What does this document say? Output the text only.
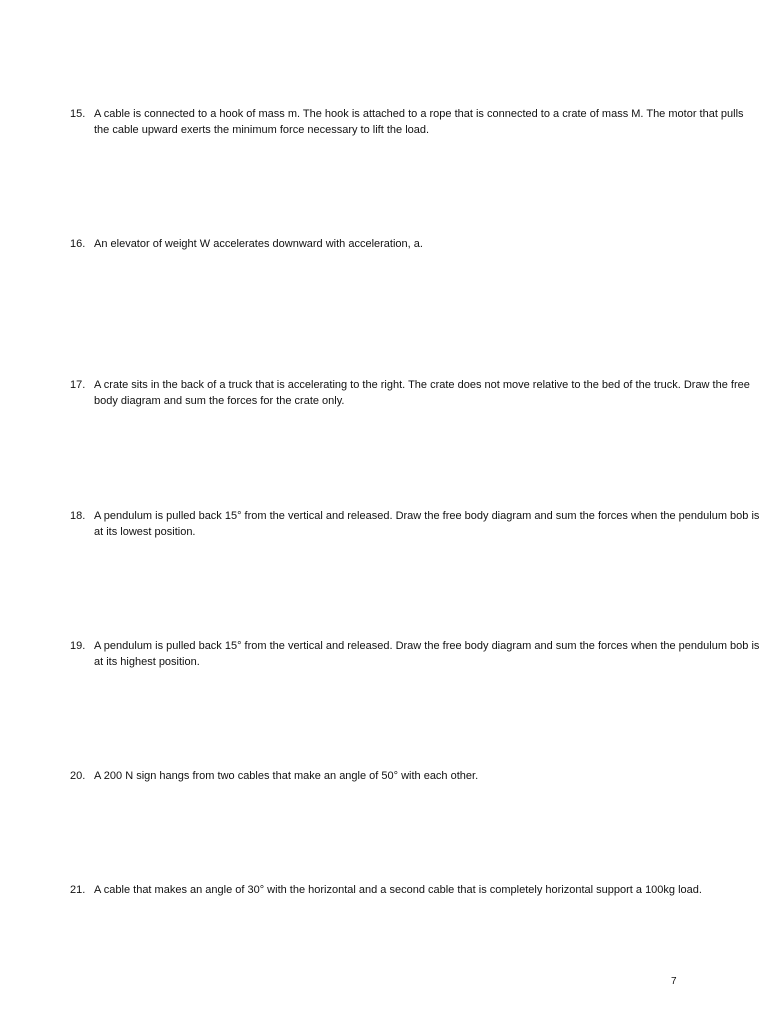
15. A cable is connected to a hook of mass m. The hook is attached to a rope that is connected to a crate of mass M. The motor that pulls the cable upward exerts the minimum force necessary to lift the load.
16. An elevator of weight W accelerates downward with acceleration, a.
17. A crate sits in the back of a truck that is accelerating to the right. The crate does not move relative to the bed of the truck. Draw the free body diagram and sum the forces for the crate only.
18. A pendulum is pulled back 15° from the vertical and released. Draw the free body diagram and sum the forces when the pendulum bob is at its lowest position.
19. A pendulum is pulled back 15° from the vertical and released. Draw the free body diagram and sum the forces when the pendulum bob is at its highest position.
20. A 200 N sign hangs from two cables that make an angle of 50° with each other.
21. A cable that makes an angle of 30° with the horizontal and a second cable that is completely horizontal support a 100kg load.
7
